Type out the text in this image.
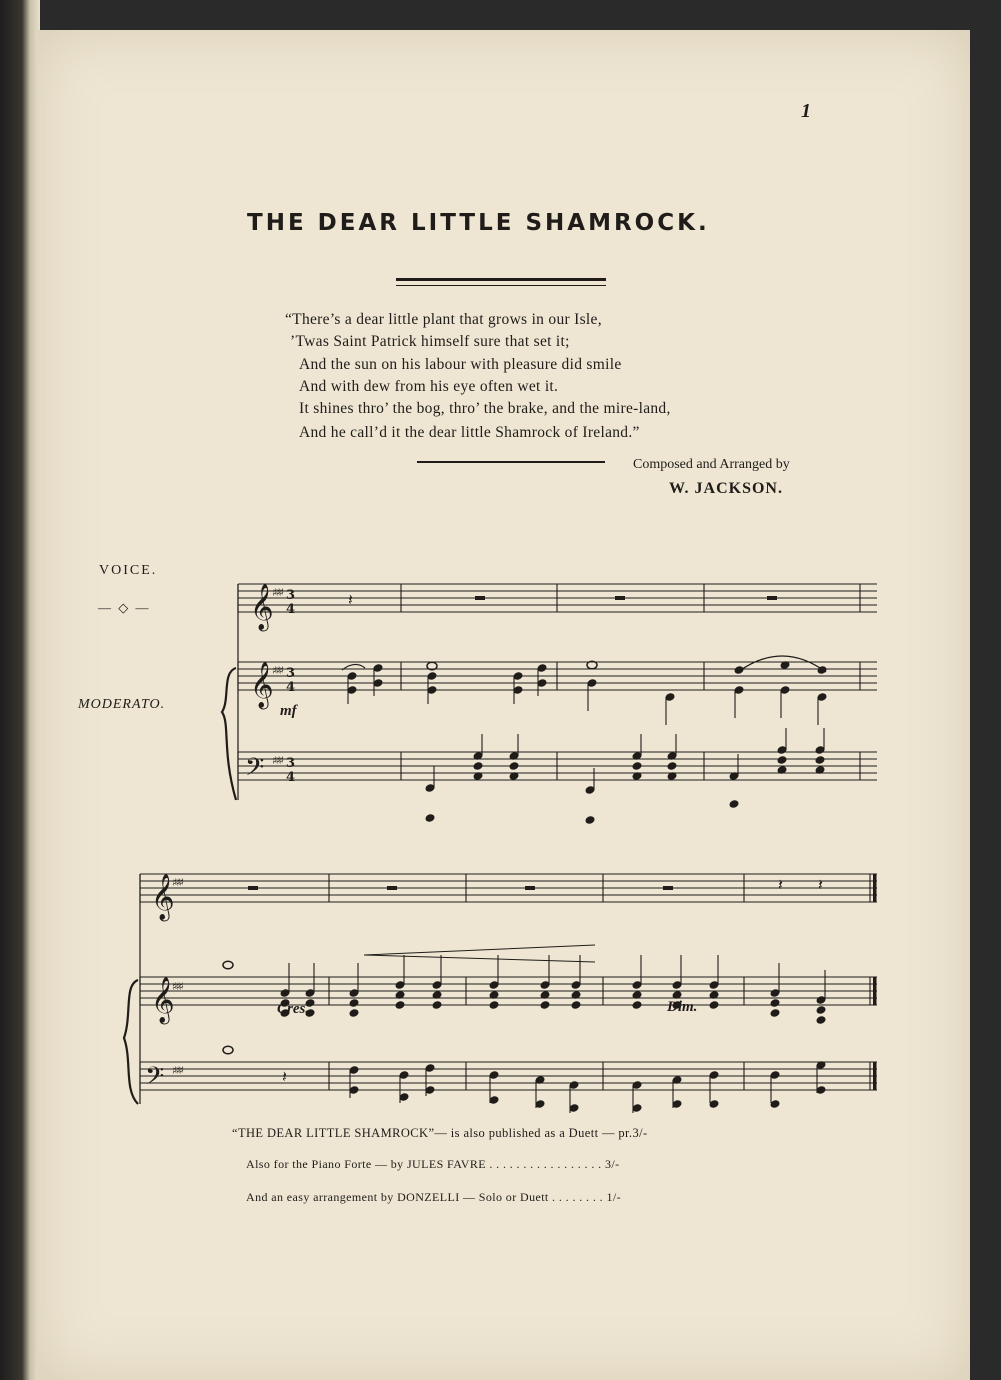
1
THE DEAR LITTLE SHAMROCK.
“There’s a dear little plant that grows in our Isle,
’Twas Saint Patrick himself sure that set it;
And the sun on his labour with pleasure did smile
And with dew from his eye often wet it.
It shines thro’ the bog, thro’ the brake, and the mire-land,
And he call’d it the dear little Shamrock of Ireland.”
Composed and Arranged by
W. JACKSON.
𝄞
𝄞
𝄞
𝄞
𝄢
𝄢
♯♯♯
♯♯♯
♯♯♯
♯♯♯
♯♯♯
♯♯♯
3
4
3
4
3
4
𝄽
𝄽 𝄽
𝄽
VOICE.
— ◇ —
MODERATO.	mf
Cres.	Dim.
“THE DEAR LITTLE SHAMROCK”— is also published as a Duett — pr.3/-
Also for the Piano Forte — by JULES FAVRE . . . . . . . . . . . . . . . . . 3/-
And an easy arrangement by DONZELLI — Solo or Duett . . . . . . . . 1/-
